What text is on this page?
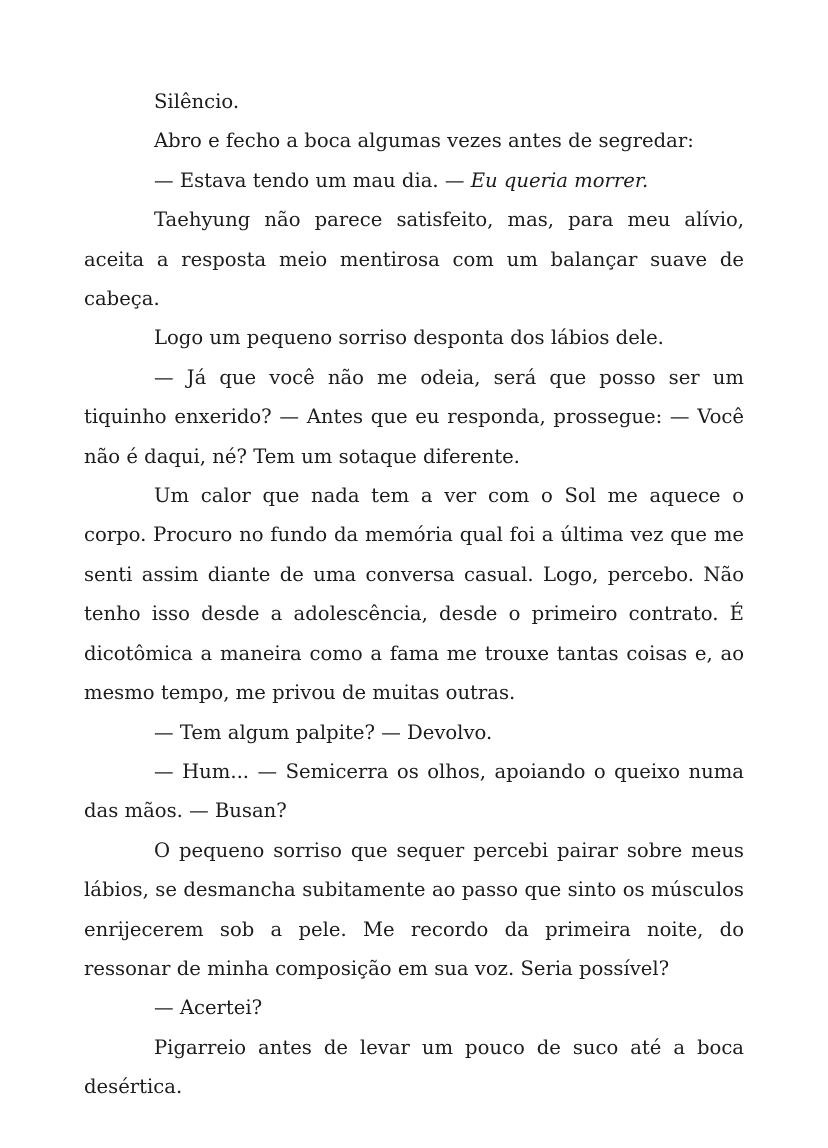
Silêncio.

Abro e fecho a boca algumas vezes antes de segredar:

— Estava tendo um mau dia. — Eu queria morrer.

Taehyung não parece satisfeito, mas, para meu alívio, aceita a resposta meio mentirosa com um balançar suave de cabeça.

Logo um pequeno sorriso desponta dos lábios dele.

— Já que você não me odeia, será que posso ser um tiquinho enxerido? — Antes que eu responda, prossegue: — Você não é daqui, né? Tem um sotaque diferente.

Um calor que nada tem a ver com o Sol me aquece o corpo. Procuro no fundo da memória qual foi a última vez que me senti assim diante de uma conversa casual. Logo, percebo. Não tenho isso desde a adolescência, desde o primeiro contrato. É dicotômica a maneira como a fama me trouxe tantas coisas e, ao mesmo tempo, me privou de muitas outras.

— Tem algum palpite? — Devolvo.

— Hum... — Semicerra os olhos, apoiando o queixo numa das mãos. — Busan?

O pequeno sorriso que sequer percebi pairar sobre meus lábios, se desmancha subitamente ao passo que sinto os músculos enrijecerem sob a pele. Me recordo da primeira noite, do ressonar de minha composição em sua voz. Seria possível?

— Acertei?

Pigarreio antes de levar um pouco de suco até a boca desértica.
